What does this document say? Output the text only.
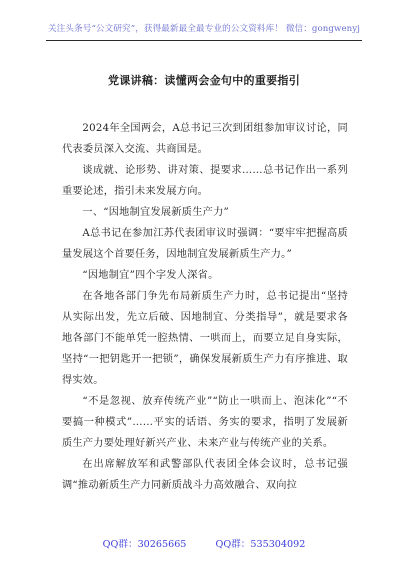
关注头条号“公文研究”，获得最新最全最专业的公文资料库！ 微信：gongwenyj
党课讲稿：读懂两会金句中的重要指引

2024年全国两会，A总书记三次到团组参加审议讨论，同代表委员深入交流、共商国是。

谈成就、论形势、讲对策、提要求……总书记作出一系列重要论述，指引未来发展方向。

一、“因地制宜发展新质生产力”

A总书记在参加江苏代表团审议时强调：“要牢牢把握高质量发展这个首要任务，因地制宜发展新质生产力。”

“因地制宜”四个字发人深省。

在各地各部门争先布局新质生产力时，总书记提出“坚持从实际出发，先立后破、因地制宜、分类指导”，就是要求各地各部门不能单凭一腔热情、一哄而上，而要立足自身实际，坚持“一把钥匙开一把锁”，确保发展新质生产力有序推进、取得实效。

“不是忽视、放弃传统产业”“防止一哄而上、泡沫化”“不要搞一种模式”……平实的话语、务实的要求，指明了发展新质生产力要处理好新兴产业、未来产业与传统产业的关系。

在出席解放军和武警部队代表团全体会议时，总书记强调“推动新质生产力同新质战斗力高效融合、双向拉

QQ群：30265665	QQ群：535304092
